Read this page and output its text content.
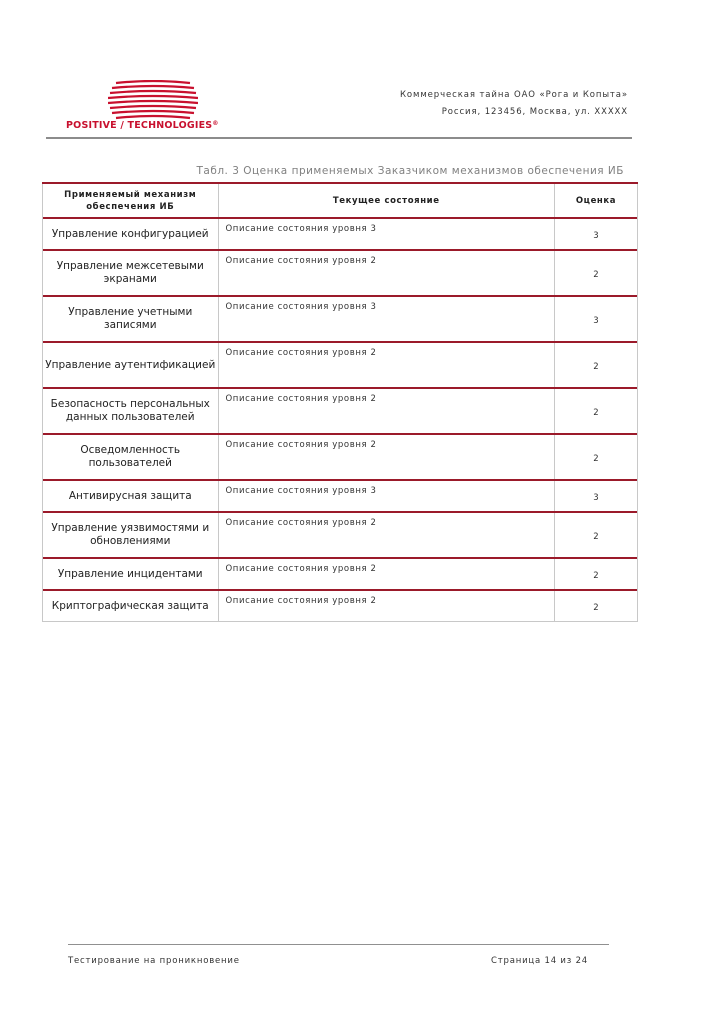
POSITIVE / TECHNOLOGIES®
Коммерческая тайна ОАО «Рога и Копыта»
Россия, 123456, Москва, ул. XXXXX
Табл. 3 Оценка применяемых Заказчиком механизмов обеспечения ИБ
Применяемый механизм обеспечения ИБ	Текущее состояние	Оценка

Управление конфигурацией	Описание состояния уровня 3	3

Управление межсетевыми экранами	Описание состояния уровня 2	2

Управление учетными записями	Описание состояния уровня 3	3

Управление аутентификацией	Описание состояния уровня 2	2

Безопасность персональных данных пользователей	Описание состояния уровня 2	2

Осведомленность пользователей	Описание состояния уровня 2	2

Антивирусная защита	Описание состояния уровня 3	3

Управление уязвимостями и обновлениями	Описание состояния уровня 2	2

Управление инцидентами	Описание состояния уровня 2	2

Криптографическая защита	Описание состояния уровня 2	2
Тестирование на проникновение	Страница 14 из 24
